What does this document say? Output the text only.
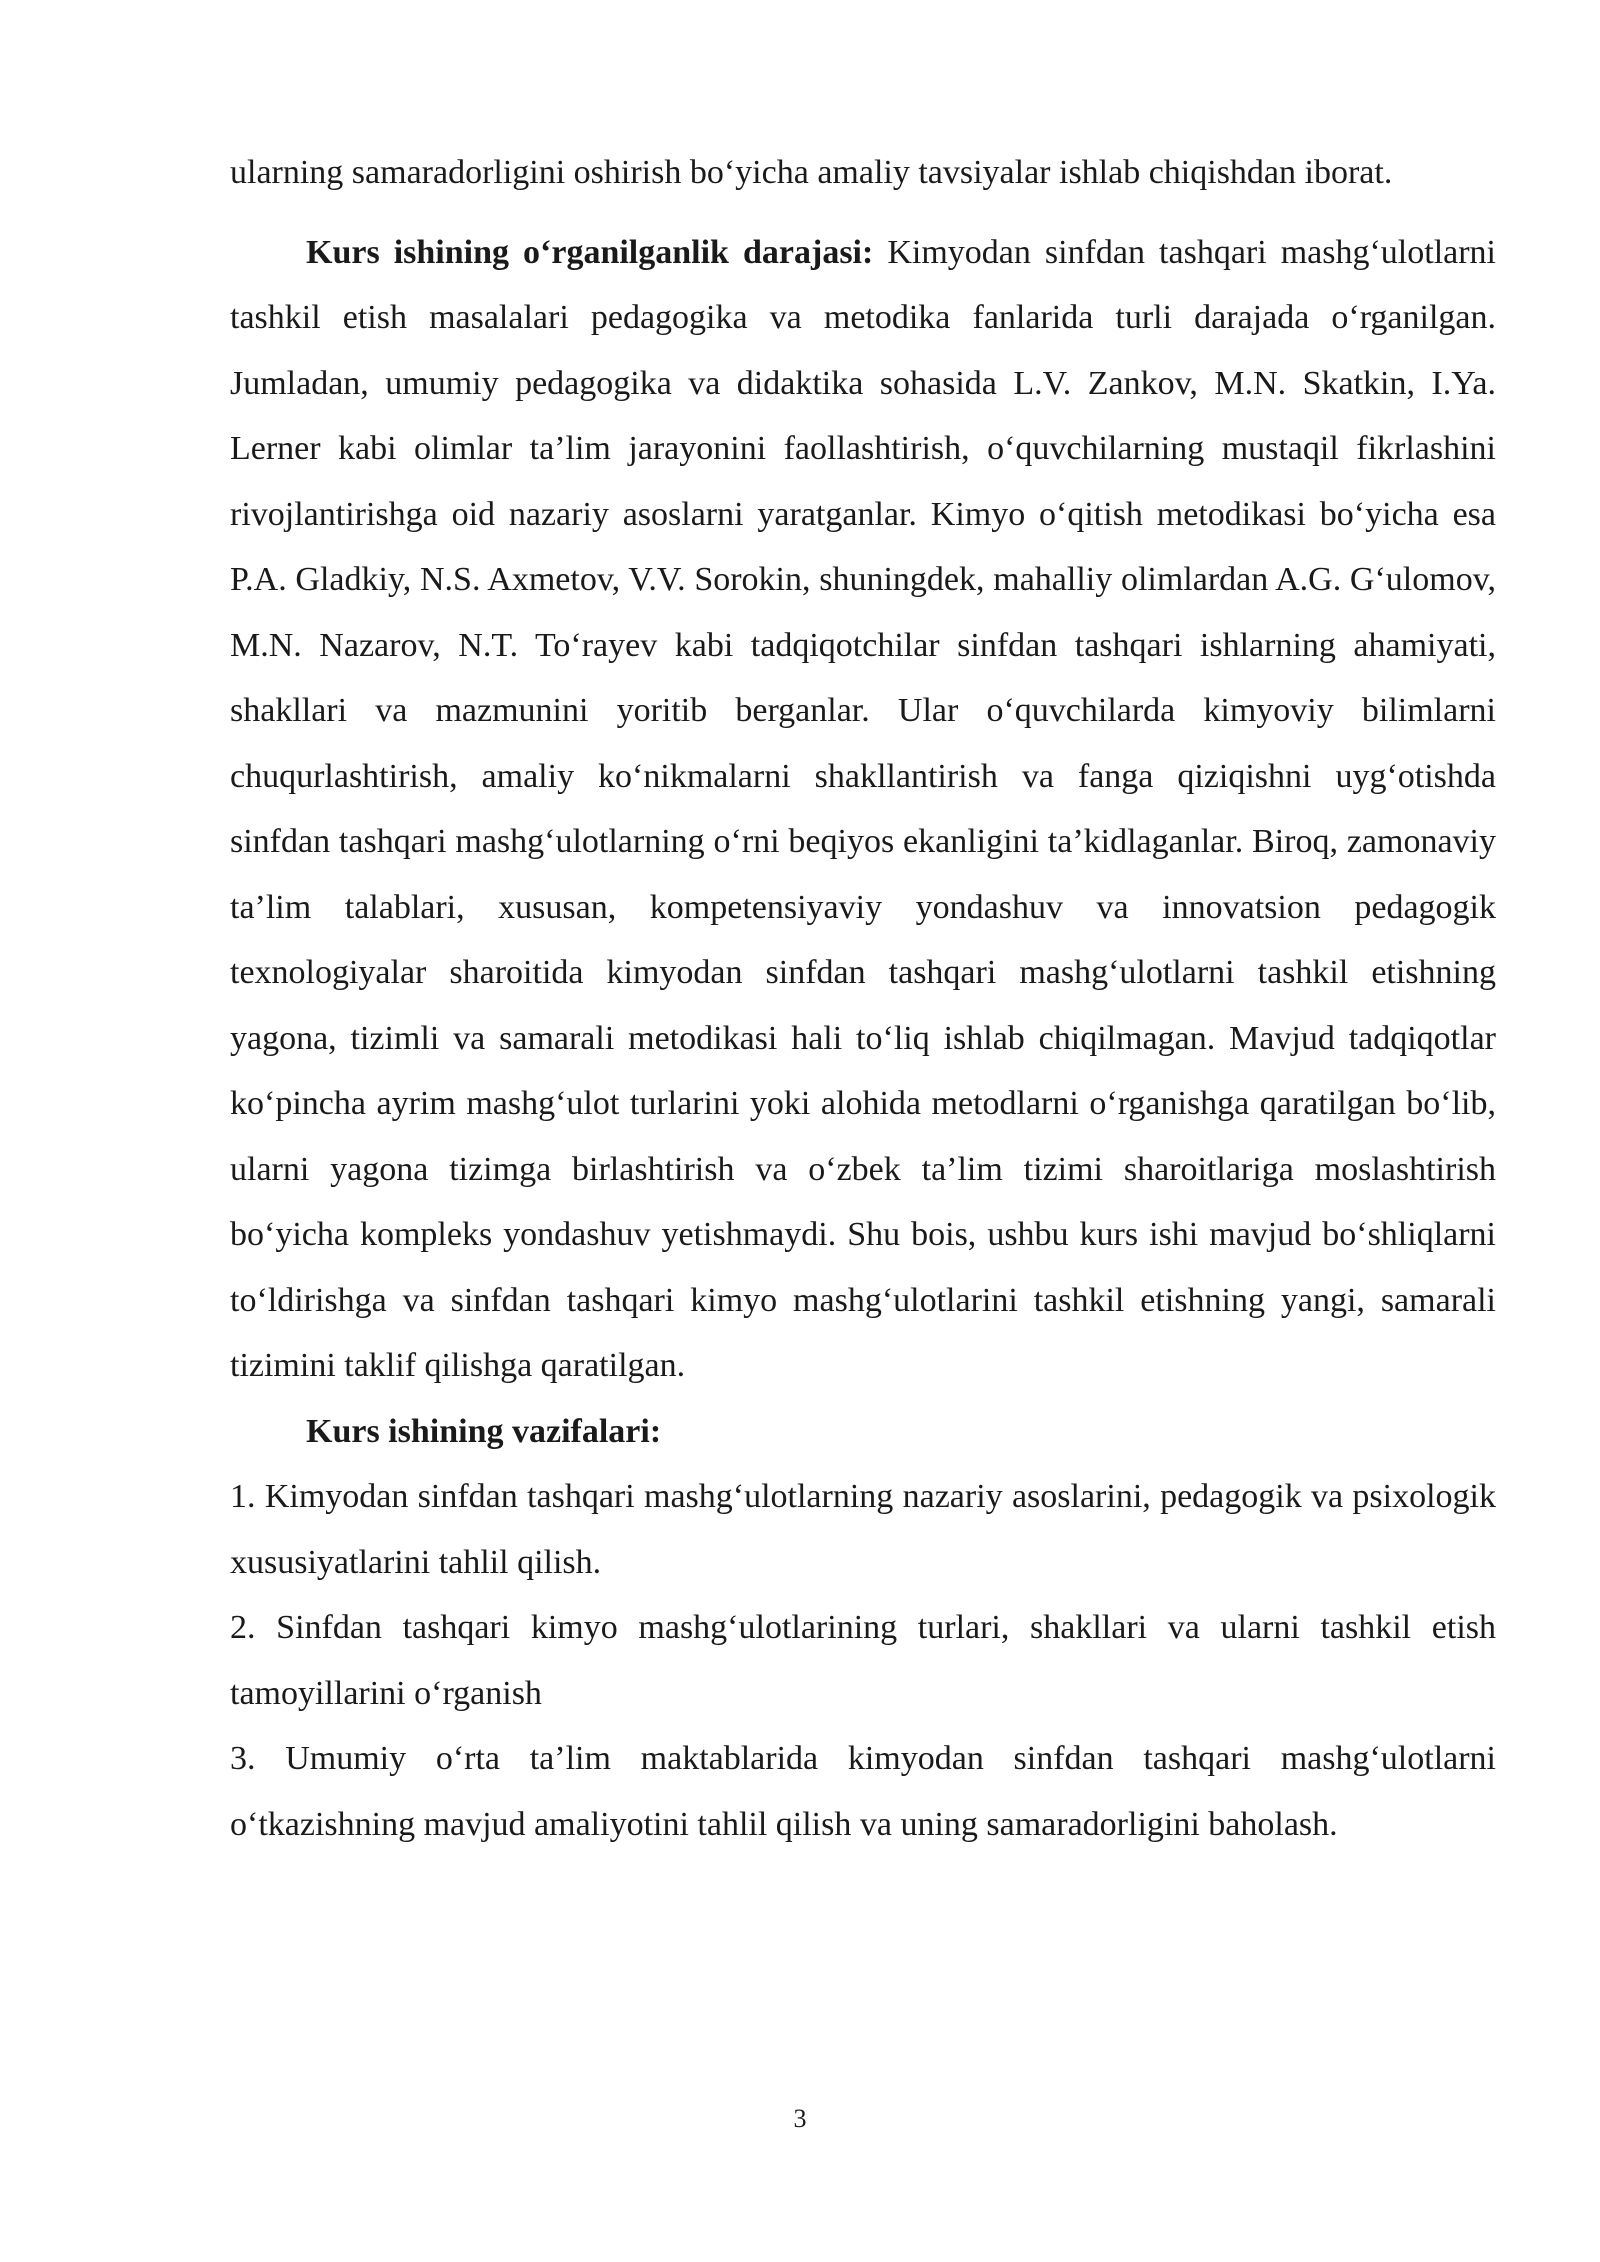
ularning samaradorligini oshirish bo‘yicha amaliy tavsiyalar ishlab chiqishdan iborat.

Kurs ishining o‘rganilganlik darajasi: Kimyodan sinfdan tashqari mashg‘ulotlarni tashkil etish masalalari pedagogika va metodika fanlarida turli darajada o‘rganilgan. Jumladan, umumiy pedagogika va didaktika sohasida L.V. Zankov, M.N. Skatkin, I.Ya. Lerner kabi olimlar ta’lim jarayonini faollashtirish, o‘quvchilarning mustaqil fikrlashini rivojlantirishga oid nazariy asoslarni yaratganlar. Kimyo o‘qitish metodikasi bo‘yicha esa P.A. Gladkiy, N.S. Axmetov, V.V. Sorokin, shuningdek, mahalliy olimlardan A.G. G‘ulomov, M.N. Nazarov, N.T. To‘rayev kabi tadqiqotchilar sinfdan tashqari ishlarning ahamiyati, shakllari va mazmunini yoritib berganlar. Ular o‘quvchilarda kimyoviy bilimlarni chuqurlashtirish, amaliy ko‘nikmalarni shakllantirish va fanga qiziqishni uyg‘otishda sinfdan tashqari mashg‘ulotlarning o‘rni beqiyos ekanligini ta’kidlaganlar. Biroq, zamonaviy ta’lim talablari, xususan, kompetensiyaviy yondashuv va innovatsion pedagogik texnologiyalar sharoitida kimyodan sinfdan tashqari mashg‘ulotlarni tashkil etishning yagona, tizimli va samarali metodikasi hali to‘liq ishlab chiqilmagan. Mavjud tadqiqotlar ko‘pincha ayrim mashg‘ulot turlarini yoki alohida metodlarni o‘rganishga qaratilgan bo‘lib, ularni yagona tizimga birlashtirish va o‘zbek ta’lim tizimi sharoitlariga moslashtirish bo‘yicha kompleks yondashuv yetishmaydi. Shu bois, ushbu kurs ishi mavjud bo‘shliqlarni to‘ldirishga va sinfdan tashqari kimyo mashg‘ulotlarini tashkil etishning yangi, samarali tizimini taklif qilishga qaratilgan.

Kurs ishining vazifalari:

1. Kimyodan sinfdan tashqari mashg‘ulotlarning nazariy asoslarini, pedagogik va psixologik xususiyatlarini tahlil qilish.

2. Sinfdan tashqari kimyo mashg‘ulotlarining turlari, shakllari va ularni tashkil etish tamoyillarini o‘rganish

3. Umumiy o‘rta ta’lim maktablarida kimyodan sinfdan tashqari mashg‘ulotlarni o‘tkazishning mavjud amaliyotini tahlil qilish va uning samaradorligini baholash.

3
